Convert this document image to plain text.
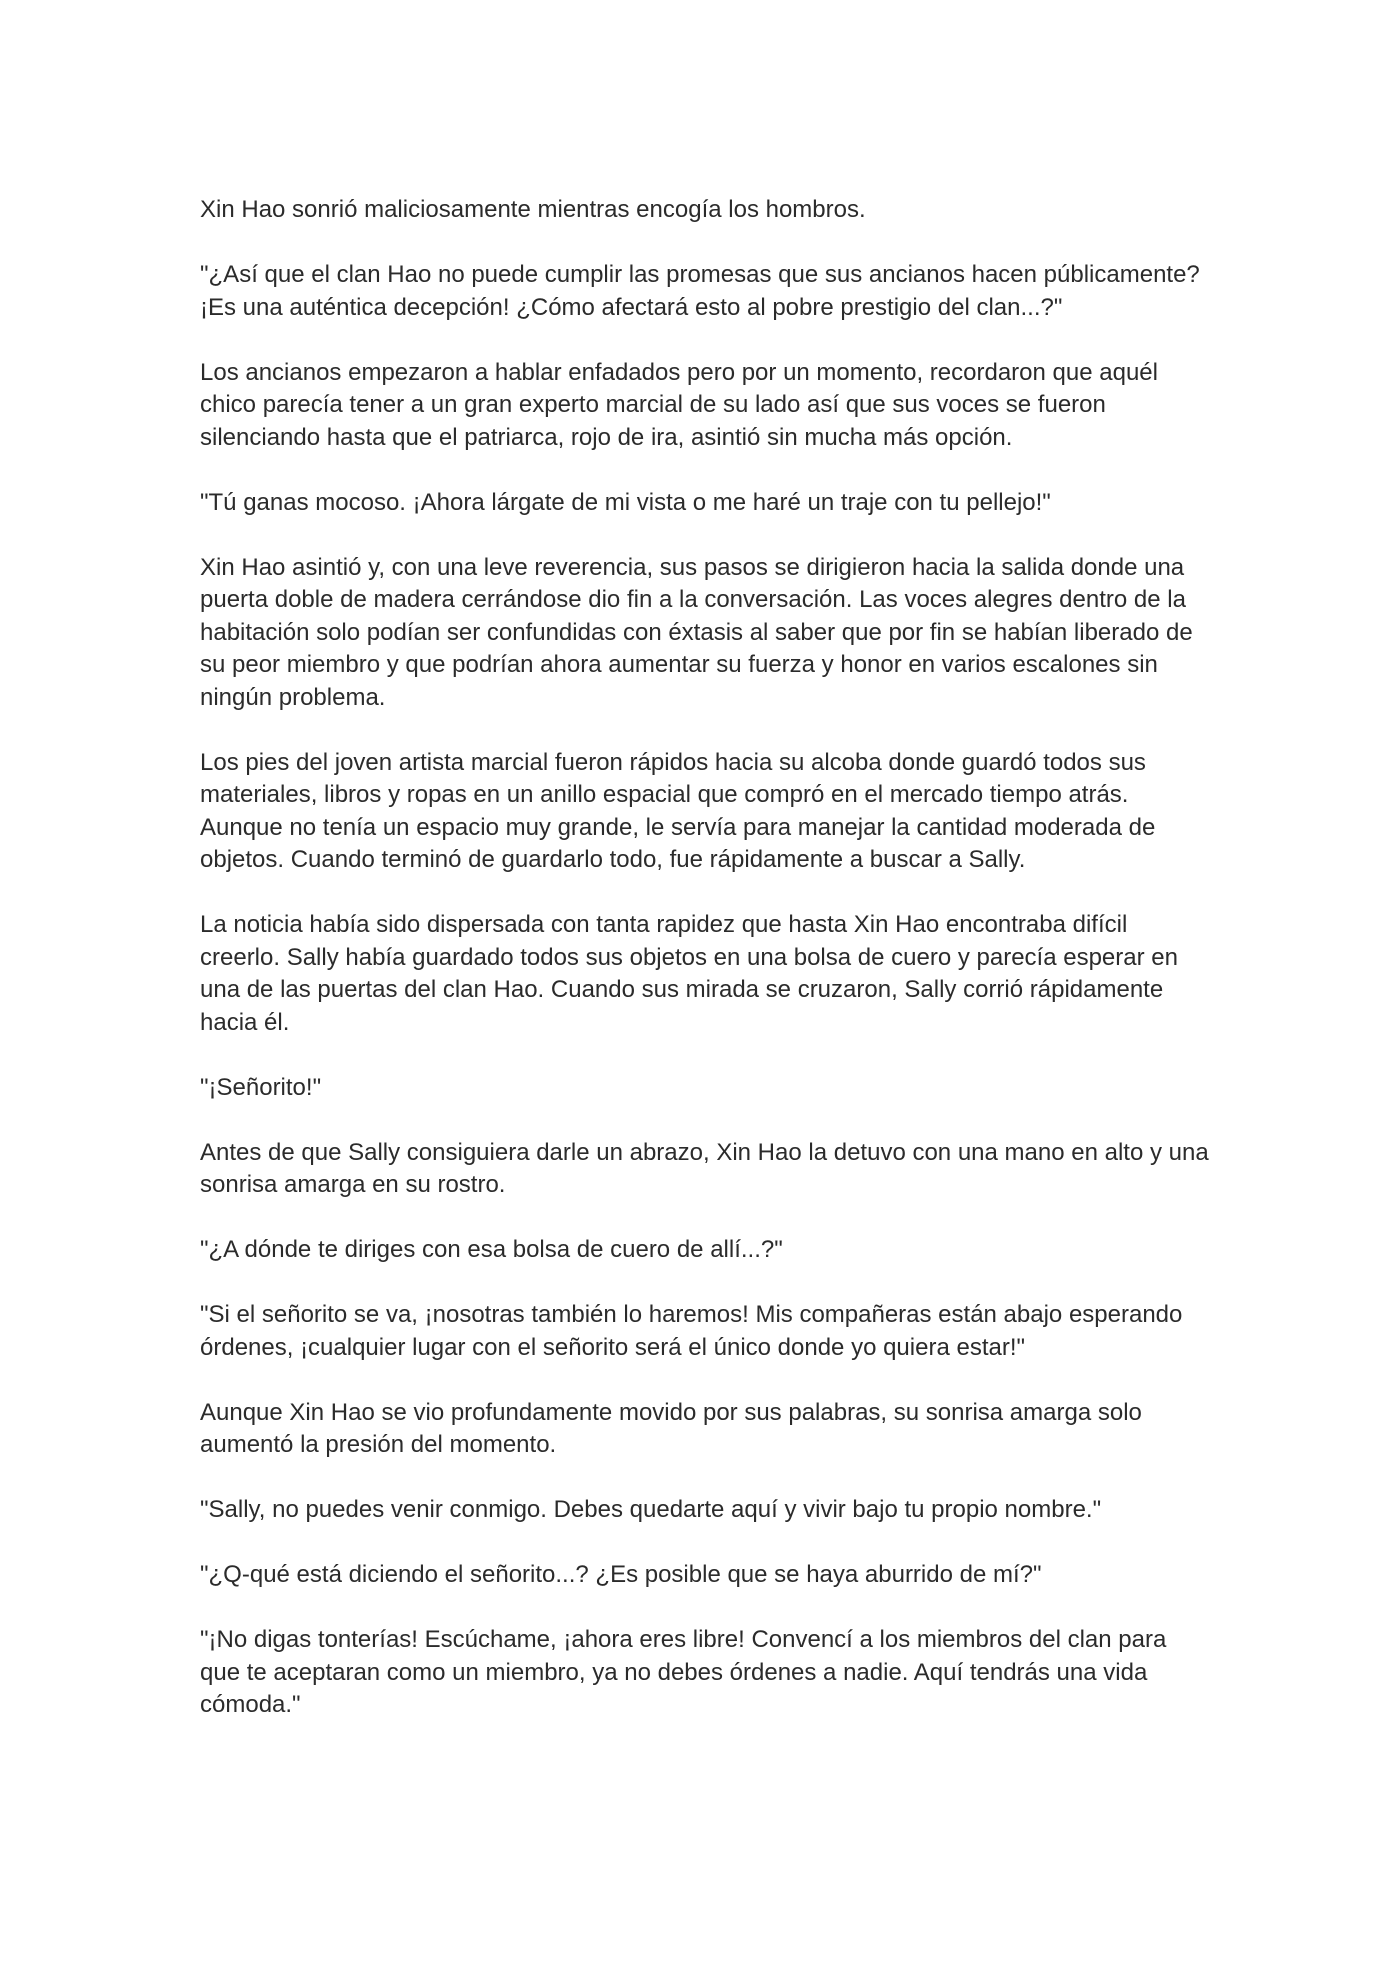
Xin Hao sonrió maliciosamente mientras encogía los hombros.

"¿Así que el clan Hao no puede cumplir las promesas que sus ancianos hacen públicamente? ¡Es una auténtica decepción! ¿Cómo afectará esto al pobre prestigio del clan...?"

Los ancianos empezaron a hablar enfadados pero por un momento, recordaron que aquél chico parecía tener a un gran experto marcial de su lado así que sus voces se fueron silenciando hasta que el patriarca, rojo de ira, asintió sin mucha más opción.

"Tú ganas mocoso. ¡Ahora lárgate de mi vista o me haré un traje con tu pellejo!"

Xin Hao asintió y, con una leve reverencia, sus pasos se dirigieron hacia la salida donde una puerta doble de madera cerrándose dio fin a la conversación. Las voces alegres dentro de la habitación solo podían ser confundidas con éxtasis al saber que por fin se habían liberado de su peor miembro y que podrían ahora aumentar su fuerza y honor en varios escalones sin ningún problema.

Los pies del joven artista marcial fueron rápidos hacia su alcoba donde guardó todos sus materiales, libros y ropas en un anillo espacial que compró en el mercado tiempo atrás. Aunque no tenía un espacio muy grande, le servía para manejar la cantidad moderada de objetos. Cuando terminó de guardarlo todo, fue rápidamente a buscar a Sally.

La noticia había sido dispersada con tanta rapidez que hasta Xin Hao encontraba difícil creerlo. Sally había guardado todos sus objetos en una bolsa de cuero y parecía esperar en una de las puertas del clan Hao. Cuando sus mirada se cruzaron, Sally corrió rápidamente hacia él.

"¡Señorito!"

Antes de que Sally consiguiera darle un abrazo, Xin Hao la detuvo con una mano en alto y una sonrisa amarga en su rostro.

"¿A dónde te diriges con esa bolsa de cuero de allí...?"

"Si el señorito se va, ¡nosotras también lo haremos! Mis compañeras están abajo esperando órdenes, ¡cualquier lugar con el señorito será el único donde yo quiera estar!"

Aunque Xin Hao se vio profundamente movido por sus palabras, su sonrisa amarga solo aumentó la presión del momento.

"Sally, no puedes venir conmigo. Debes quedarte aquí y vivir bajo tu propio nombre."

"¿Q-qué está diciendo el señorito...? ¿Es posible que se haya aburrido de mí?"

"¡No digas tonterías! Escúchame, ¡ahora eres libre! Convencí a los miembros del clan para que te aceptaran como un miembro, ya no debes órdenes a nadie. Aquí tendrás una vida cómoda."
